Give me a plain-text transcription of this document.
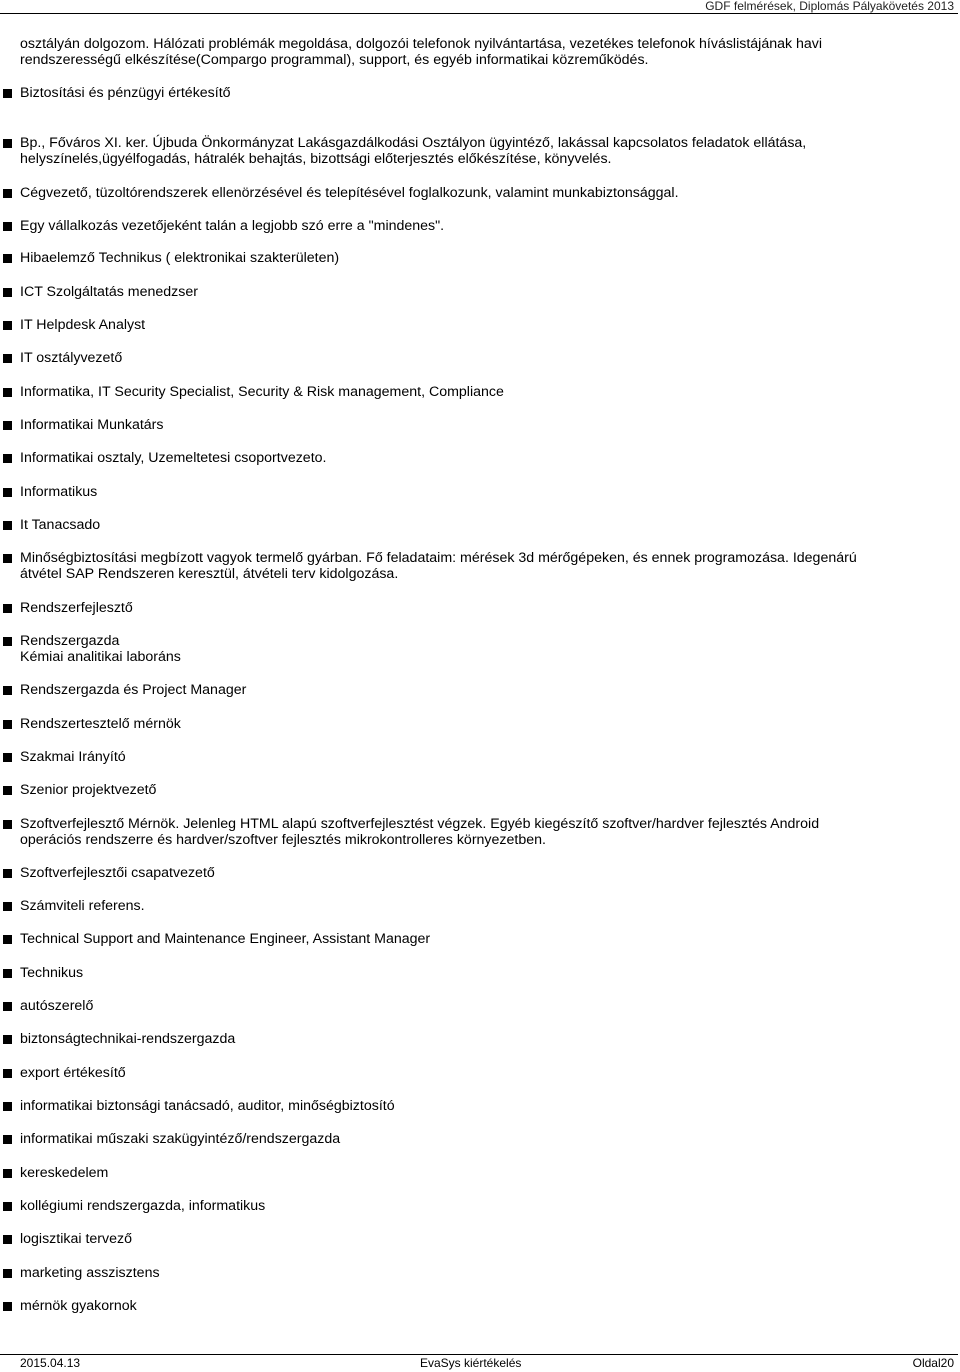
GDF felmérések, Diplomás Pályakövetés 2013
osztályán dolgozom. Hálózati problémák megoldása, dolgozói telefonok nyilvántartása, vezetékes telefonok híváslistájának havi
rendszerességű elkészítése(Compargo programmal), support, és egyéb informatikai közreműködés.
Biztosítási és pénzügyi értékesítő
Bp., Főváros XI. ker. Újbuda Önkormányzat Lakásgazdálkodási Osztályon ügyintéző, lakással kapcsolatos feladatok ellátása,
helyszínelés,ügyélfogadás, hátralék behajtás, bizottsági előterjesztés előkészítése, könyvelés.
Cégvezető, tüzoltórendszerek ellenörzésével és telepítésével foglalkozunk, valamint munkabiztonsággal.
Egy vállalkozás vezetőjeként talán a legjobb szó erre a "mindenes".
Hibaelemző Technikus ( elektronikai szakterületen)
ICT Szolgáltatás menedzser
IT Helpdesk Analyst
IT osztályvezető
Informatika, IT Security Specialist, Security & Risk management, Compliance
Informatikai Munkatárs
Informatikai osztaly, Uzemeltetesi csoportvezeto.
Informatikus
It Tanacsado
Minőségbiztosítási megbízott vagyok termelő gyárban. Fő feladataim: mérések 3d mérőgépeken, és ennek programozása. Idegenárú
átvétel SAP Rendszeren keresztül, átvételi terv kidolgozása.
Rendszerfejlesztő
Rendszergazda
Kémiai analitikai laboráns
Rendszergazda és Project Manager
Rendszertesztelő mérnök
Szakmai Irányító
Szenior projektvezető
Szoftverfejlesztő Mérnök. Jelenleg HTML alapú szoftverfejlesztést végzek. Egyéb kiegészítő szoftver/hardver fejlesztés Android
operációs rendszerre és hardver/szoftver fejlesztés mikrokontrolleres környezetben.
Szoftverfejlesztői csapatvezető
Számviteli referens.
Technical Support and Maintenance Engineer, Assistant Manager
Technikus
autószerelő
biztonságtechnikai-rendszergazda
export értékesítő
informatikai biztonsági tanácsadó, auditor, minőségbiztosító
informatikai műszaki szakügyintéző/rendszergazda
kereskedelem
kollégiumi rendszergazda, informatikus
logisztikai tervező
marketing asszisztens
mérnök gyakornok
2015.04.13	EvaSys kiértékelés	Oldal20
